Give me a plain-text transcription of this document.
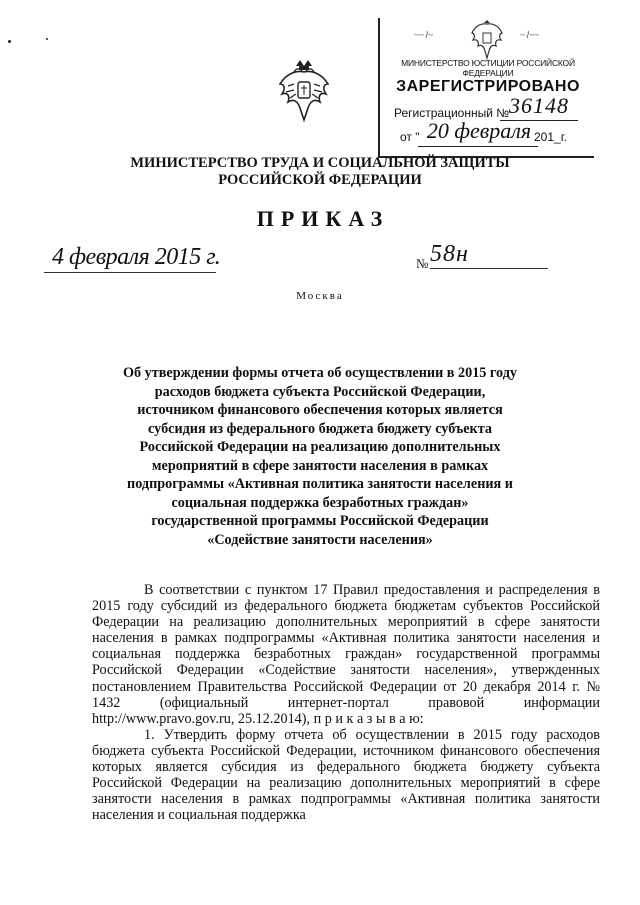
~~⌇~	~⌇~~
МИНИСТЕРСТВО ЮСТИЦИИ РОССИЙСКОЙ ФЕДЕРАЦИИ
ЗАРЕГИСТРИРОВАНО
Регистрационный № 36148
от " 20 февраля 201_г.
МИНИСТЕРСТВО ТРУДА И СОЦИАЛЬНОЙ ЗАЩИТЫ
РОССИЙСКОЙ ФЕДЕРАЦИИ
ПРИКАЗ
4 февраля 2015 г.	№ 58н
Москва
Об утверждении формы отчета об осуществлении в 2015 году расходов бюджета субъекта Российской Федерации, источником финансового обеспечения которых является субсидия из федерального бюджета бюджету субъекта Российской Федерации на реализацию дополнительных мероприятий в сфере занятости населения в рамках подпрограммы «Активная политика занятости населения и социальная поддержка безработных граждан» государственной программы Российской Федерации «Содействие занятости населения»

В соответствии с пунктом 17 Правил предоставления и распределения в 2015 году субсидий из федерального бюджета бюджетам субъектов Российской Федерации на реализацию дополнительных мероприятий в сфере занятости населения в рамках подпрограммы «Активная политика занятости населения и социальная поддержка безработных граждан» государственной программы Российской Федерации «Содействие занятости населения», утвержденных постановлением Правительства Российской Федерации от 20 декабря 2014 г. № 1432 (официальный интернет-портал правовой информации http://www.pravo.gov.ru, 25.12.2014), п р и к а з ы в а ю:

1. Утвердить форму отчета об осуществлении в 2015 году расходов бюджета субъекта Российской Федерации, источником финансового обеспечения которых является субсидия из федерального бюджета бюджету субъекта Российской Федерации на реализацию дополнительных мероприятий в сфере занятости населения в рамках подпрограммы «Активная политика занятости населения и социальная поддержка
